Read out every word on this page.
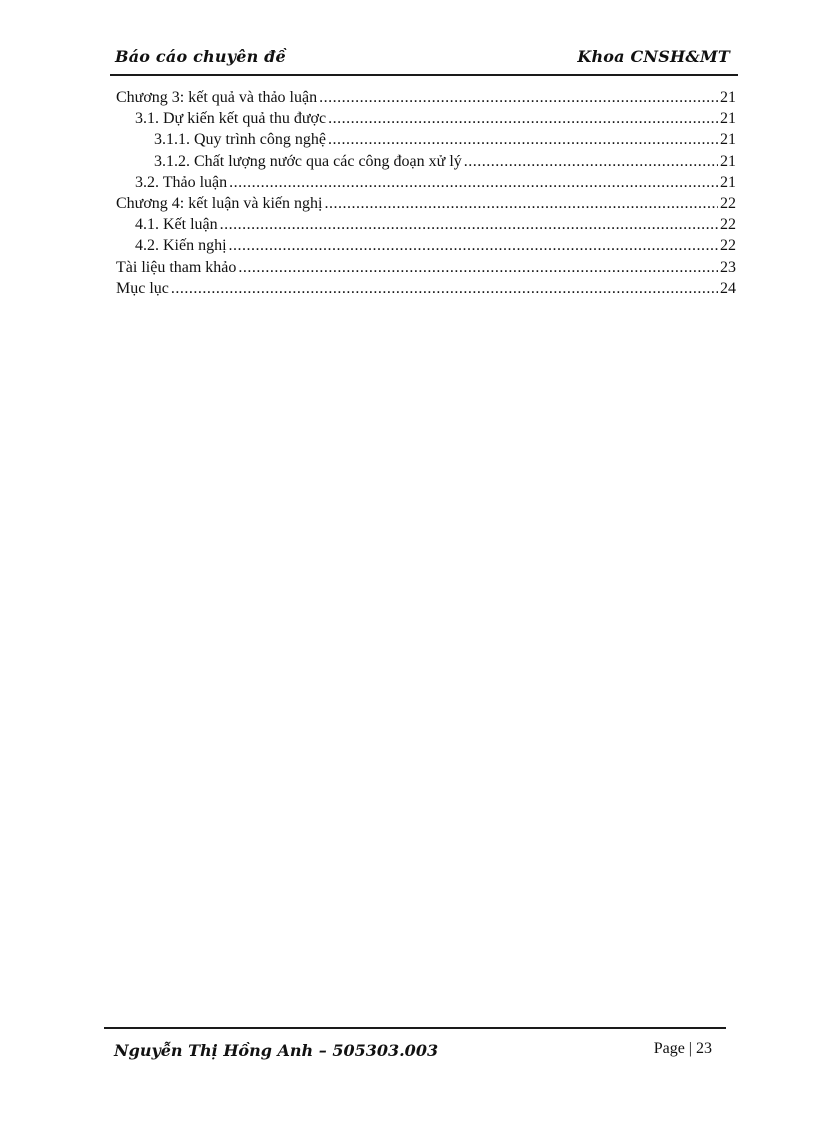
Báo cáo chuyên đề	Khoa CNSH&MT
Chương 3: kết quả và thảo luận .....	21
3.1. Dự kiến kết quả thu được .....	21
3.1.1. Quy trình công nghệ .....	21
3.1.2. Chất lượng nước qua các công đoạn xử lý .....	21
3.2. Thảo luận .....	21
Chương 4: kết luận và kiến nghị .....	22
4.1. Kết luận .....	22
4.2. Kiến nghị .....	22
Tài liệu tham khảo .....	23
Mục lục .....	24
Nguyễn Thị Hồng Anh – 505303.003	Page | 23
